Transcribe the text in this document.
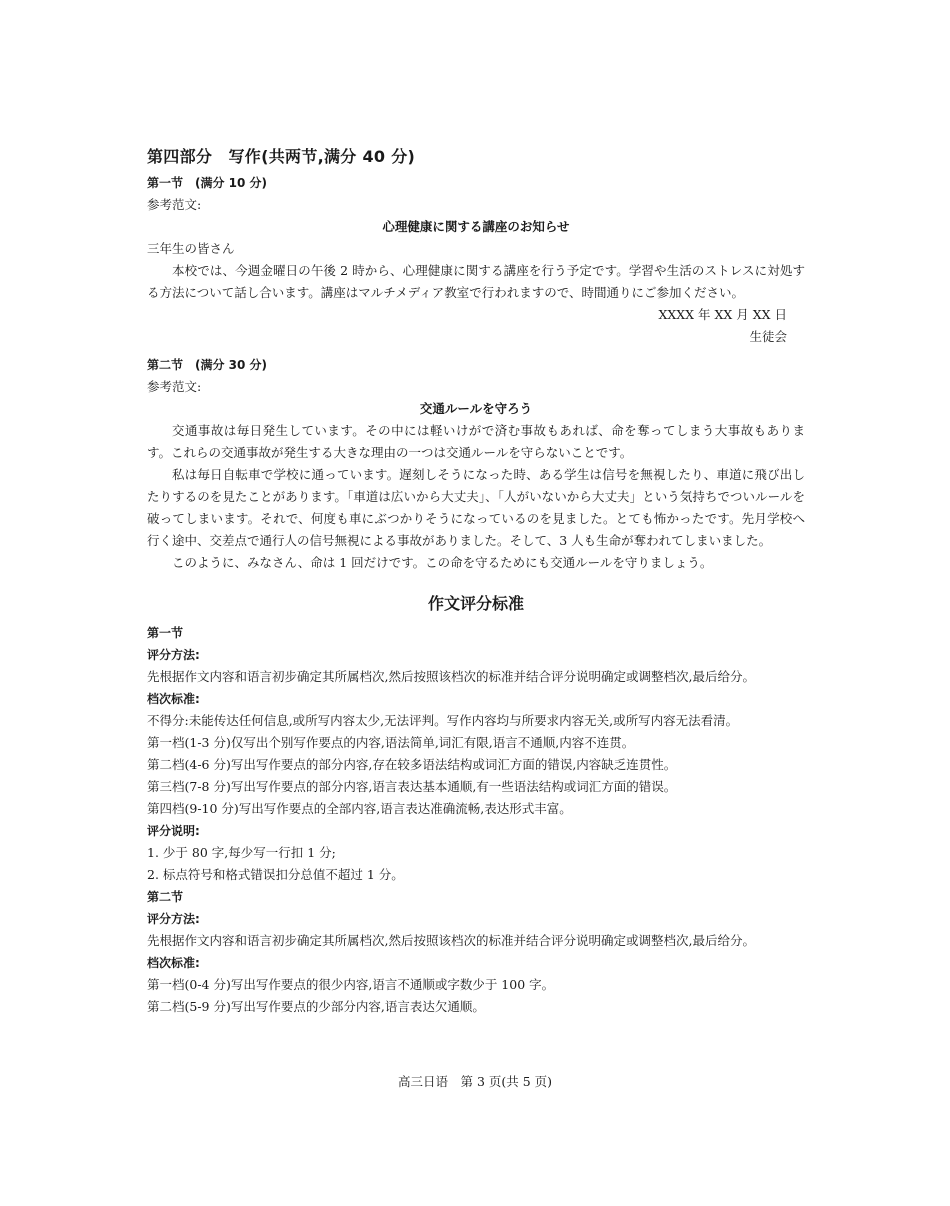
第四部分　写作(共两节,满分 40 分)

第一节　(满分 10 分)

参考范文:

心理健康に関する講座のお知らせ

三年生の皆さん

本校では、今週金曜日の午後 2 時から、心理健康に関する講座を行う予定です。学習や生活のストレスに対処する方法について話し合います。講座はマルチメディア教室で行われますので、時間通りにご参加ください。

XXXX 年 XX 月 XX 日

生徒会

第二节　(满分 30 分)

参考范文:

交通ルールを守ろう

交通事故は毎日発生しています。その中には軽いけがで済む事故もあれば、命を奪ってしまう大事故もあります。これらの交通事故が発生する大きな理由の一つは交通ルールを守らないことです。

私は毎日自転車で学校に通っています。遅刻しそうになった時、ある学生は信号を無視したり、車道に飛び出したりするのを見たことがあります。「車道は広いから大丈夫」、「人がいないから大丈夫」という気持ちでついルールを破ってしまいます。それで、何度も車にぶつかりそうになっているのを見ました。とても怖かったです。先月学校へ行く途中、交差点で通行人の信号無視による事故がありました。そして、3 人も生命が奪われてしまいました。

このように、みなさん、命は 1 回だけです。この命を守るためにも交通ルールを守りましょう。

作文评分标准

第一节

评分方法:

先根据作文内容和语言初步确定其所属档次,然后按照该档次的标准并结合评分说明确定或调整档次,最后给分。

档次标准:

不得分:未能传达任何信息,或所写内容太少,无法评判。写作内容均与所要求内容无关,或所写内容无法看清。

第一档(1-3 分)仅写出个别写作要点的内容,语法简单,词汇有限,语言不通顺,内容不连贯。

第二档(4-6 分)写出写作要点的部分内容,存在较多语法结构或词汇方面的错误,内容缺乏连贯性。

第三档(7-8 分)写出写作要点的部分内容,语言表达基本通顺,有一些语法结构或词汇方面的错误。

第四档(9-10 分)写出写作要点的全部内容,语言表达准确流畅,表达形式丰富。

评分说明:

1. 少于 80 字,每少写一行扣 1 分;

2. 标点符号和格式错误扣分总值不超过 1 分。

第二节

评分方法:

先根据作文内容和语言初步确定其所属档次,然后按照该档次的标准并结合评分说明确定或调整档次,最后给分。

档次标准:

第一档(0-4 分)写出写作要点的很少内容,语言不通顺或字数少于 100 字。

第二档(5-9 分)写出写作要点的少部分内容,语言表达欠通顺。

高三日语　第 3 页(共 5 页)
